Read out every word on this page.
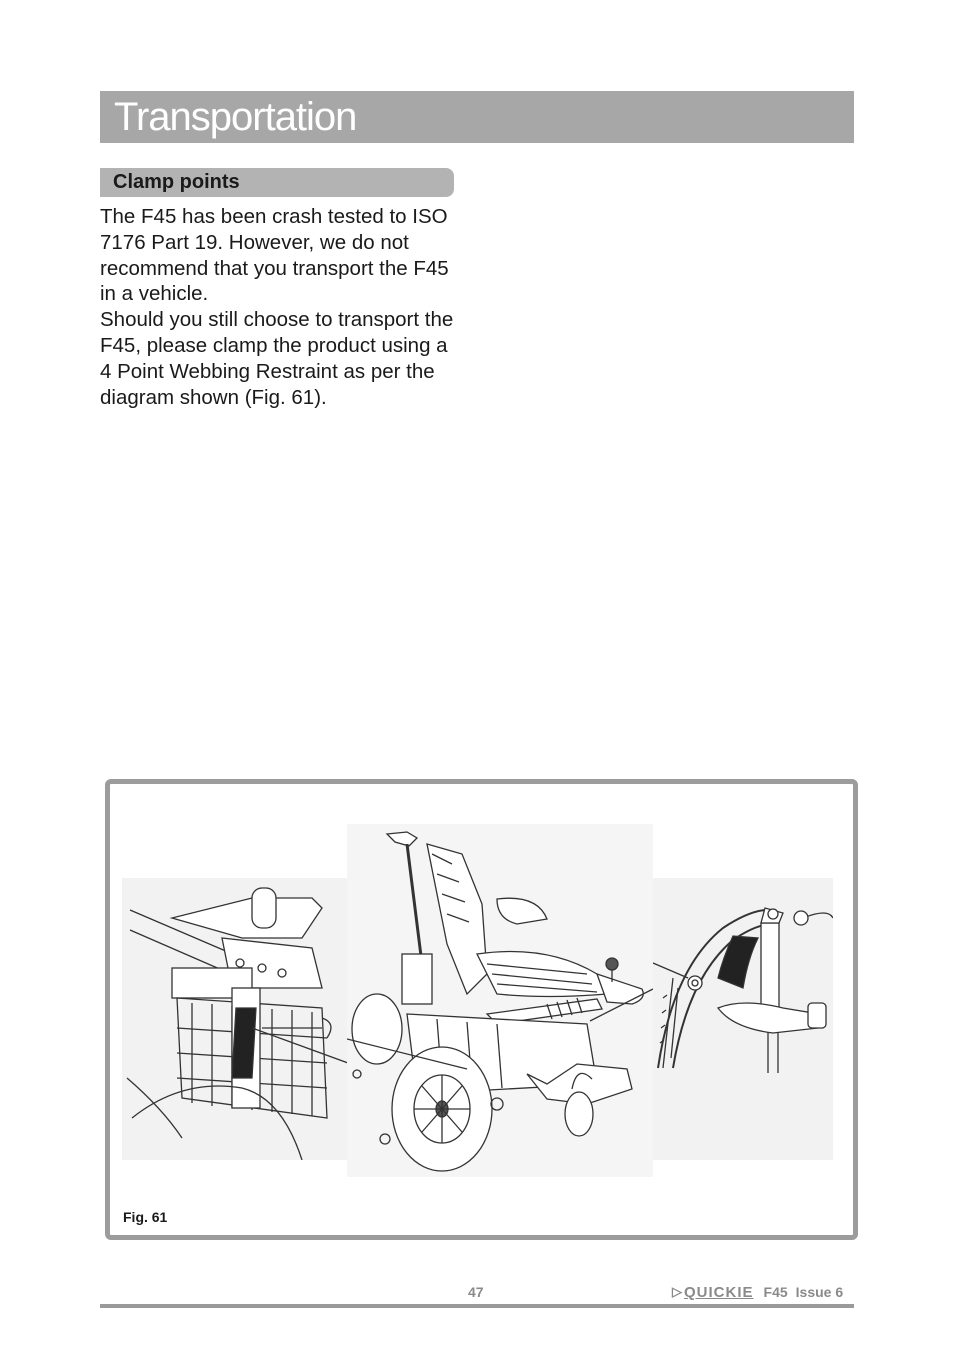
Transportation
Clamp points

The F45 has been crash tested to ISO 7176 Part 19. However, we do not recommend that you transport the F45 in a vehicle.

Should you still choose to transport the F45, please clamp the product using a 4 Point Webbing Restraint as per the diagram shown (Fig. 61).

Fig. 61
47	▷ QUICKIE F45 Issue 6
